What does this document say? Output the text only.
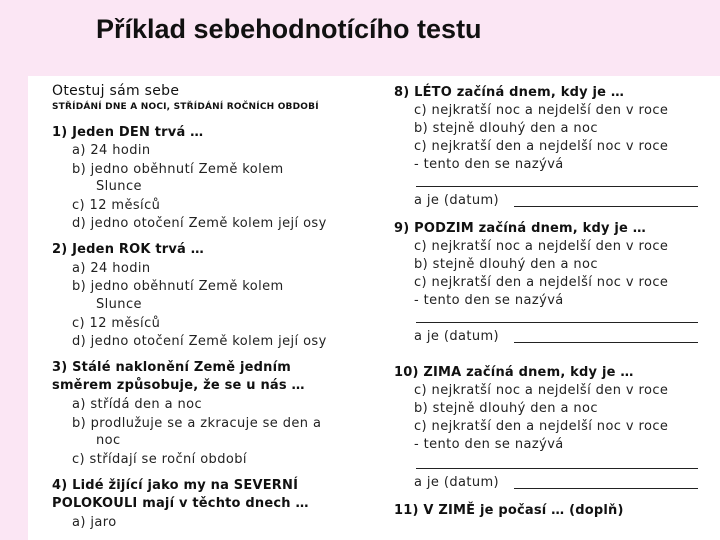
Příklad sebehodnotícího testu
Otestuj sám sebe
STŘÍDÁNÍ DNE A NOCI, STŘÍDÁNÍ ROČNÍCH OBDOBÍ
1) Jeden DEN trvá …
a) 24 hodin
b) jedno oběhnutí Země kolem
Slunce
c) 12 měsíců
d) jedno otočení Země kolem její osy
2) Jeden ROK trvá …
a) 24 hodin
b) jedno oběhnutí Země kolem
Slunce
c) 12 měsíců
d) jedno otočení Země kolem její osy
3) Stálé naklonění Země jedním
směrem způsobuje, že se u nás …
a) střídá den a noc
b) prodlužuje se a zkracuje se den a
noc
c) střídají se roční období
4) Lidé žijící jako my na SEVERNÍ
POLOKOULI mají v těchto dnech …
a) jaro
8) LÉTO začíná dnem, kdy je …
c) nejkratší noc a nejdelší den v roce
b) stejně dlouhý den a noc
c) nejkratší den a nejdelší noc v roce
- tento den se nazývá
a je (datum)
9) PODZIM začíná dnem, kdy je …
c) nejkratší noc a nejdelší den v roce
b) stejně dlouhý den a noc
c) nejkratší den a nejdelší noc v roce
- tento den se nazývá
a je (datum)
10) ZIMA začíná dnem, kdy je …
c) nejkratší noc a nejdelší den v roce
b) stejně dlouhý den a noc
c) nejkratší den a nejdelší noc v roce
- tento den se nazývá
a je (datum)
11) V ZIMĚ je počasí … (doplň)
